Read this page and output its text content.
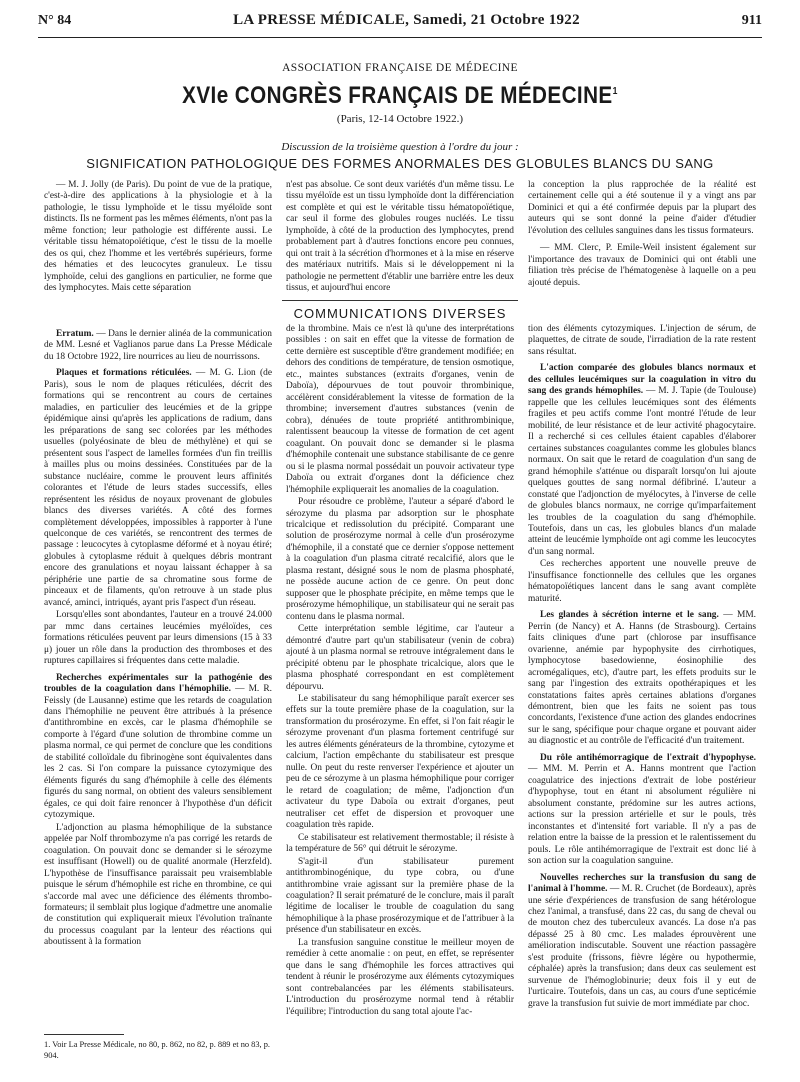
N° 84	LA PRESSE MÉDICALE, Samedi, 21 Octobre 1922	911
ASSOCIATION FRANÇAISE DE MÉDECINE
XVIe CONGRÈS FRANÇAIS DE MÉDECINE$^1$
(Paris, 12-14 Octobre 1922.)
Discussion de la troisième question à l'ordre du jour :
SIGNIFICATION PATHOLOGIQUE DES FORMES ANORMALES DES GLOBULES BLANCS DU SANG

— M. J. Jolly (de Paris). Du point de vue de la pratique, c'est-à-dire des applications à la physiologie et à la pathologie, le tissu lymphoïde et le tissu myéloïde sont distincts. Ils ne forment pas les mêmes éléments, n'ont pas la même fonction; leur pathologie est différente aussi. Le véritable tissu hématopoïétique, c'est le tissu de la moelle des os qui, chez l'homme et les vertébrés supérieurs, forme des hématies et des leucocytes granuleux. Le tissu lymphoïde, celui des ganglions en particulier, ne forme que des lymphocytes. Mais cette séparation

n'est pas absolue. Ce sont deux variétés d'un même tissu. Le tissu myéloïde est un tissu lymphoïde dont la différenciation est complète et qui est le véritable tissu hématopoïétique, car seul il forme des globules rouges nucléés. Le tissu lymphoïde, à côté de la production des lymphocytes, prend probablement part à d'autres fonctions encore peu connues, qui ont trait à la sécrétion d'hormones et à la mise en réserve des matériaux nutritifs. Mais si le développement ni la pathologie ne permettent d'établir une barrière entre les deux tissus, et aujourd'hui encore

la conception la plus rapprochée de la réalité est certainement celle qui a été soutenue il y a vingt ans par Dominici et qui a été confirmée depuis par la plupart des auteurs qui se sont donné la peine d'aider d'étudier l'évolution des cellules sanguines dans les tissus formateurs.

— MM. Clerc, P. Emile-Weil insistent également sur l'importance des travaux de Dominici qui ont établi une filiation très précise de l'hématogenèse à laquelle on a peu ajouté depuis.

COMMUNICATIONS DIVERSES

Erratum. — Dans le dernier alinéa de la communication de MM. Lesné et Vaglianos parue dans La Presse Médicale du 18 Octobre 1922, lire nourrices au lieu de nourrissons.

Plaques et formations réticulées. — M. G. Lion (de Paris), sous le nom de plaques réticulées, décrit des formations qui se rencontrent au cours de certaines maladies, en particulier des leucémies et de la grippe épidémique ainsi qu'après les applications de radium, dans les préparations de sang sec colorées par les méthodes usuelles (polyéosinate de bleu de méthylène) et qui se présentent sous l'aspect de lamelles formées d'un fin treillis à mailles plus ou moins dessinées. Constituées par de la substance nucléaire, comme le prouvent leurs affinités colorantes et l'étude de leurs stades successifs, elles représentent les résidus de noyaux provenant de globules blancs des diverses variétés. A côté des formes complètement développées, impossibles à rapporter à l'une quelconque de ces variétés, se rencontrent des termes de passage : leucocytes à cytoplasme déformé et à noyau étiré; globules à cytoplasme réduit à quelques débris montrant encore des granulations et noyau laissant échapper à sa périphérie une partie de sa chromatine sous forme de pinceaux et de filaments, qu'on retrouve à un stade plus avancé, aminci, intriqués, ayant pris l'aspect d'un réseau.

Lorsqu'elles sont abondantes, l'auteur en a trouvé 24.000 par mmc dans certaines leucémies myéloïdes, ces formations réticulées peuvent par leurs dimensions (15 à 33 μ) jouer un rôle dans la production des thromboses et des ruptures capillaires si fréquentes dans cette maladie.

Recherches expérimentales sur la pathogénie des troubles de la coagulation dans l'hémophilie. — M. R. Feissly (de Lausanne) estime que les retards de coagulation dans l'hémophilie ne peuvent être attribués à la présence d'antithrombine en excès, car le plasma d'hémophile se comporte à l'égard d'une solution de thrombine comme un plasma normal, ce qui permet de conclure que les conditions de stabilité colloïdale du fibrinogène sont équivalentes dans les 2 cas. Si l'on compare la puissance cytozymique des éléments figurés du sang d'hémophile à celle des éléments figurés du sang normal, on obtient des valeurs sensiblement égales, ce qui doit faire renoncer à l'hypothèse d'un déficit cytozymique.

L'adjonction au plasma hémophilique de la substance appelée par Nolf thrombozyme n'a pas corrigé les retards de coagulation. On pouvait donc se demander si le sérozyme est insuffisant (Howell) ou de qualité anormale (Herzfeld). L'hypothèse de l'insuffisance paraissait peu vraisemblable puisque le sérum d'hémophile est riche en thrombine, ce qui s'accorde mal avec une déficience des éléments thrombo-formateurs; il semblait plus logique d'admettre une anomalie de constitution qui expliquerait mieux l'évolution traînante du processus coagulant par la lenteur des réactions qui aboutissent à la formation

de la thrombine. Mais ce n'est là qu'une des interprétations possibles : on sait en effet que la vitesse de formation de cette dernière est susceptible d'être grandement modifiée; en dehors des conditions de température, de tension osmotique, etc., maintes substances (extraits d'organes, venin de Daboïa), dépourvues de tout pouvoir thrombinique, accélèrent considérablement la vitesse de formation de la thrombine; inversement d'autres substances (venin de cobra), dénuées de toute propriété antithrombinique, ralentissent beaucoup la vitesse de formation de cet agent coagulant. On pouvait donc se demander si le plasma d'hémophile contenait une substance stabilisante de ce genre ou si le plasma normal possédait un pouvoir activateur type Daboïa ou extrait d'organes dont la déficience chez l'hémophile expliquerait les anomalies de la coagulation.

Pour résoudre ce problème, l'auteur a séparé d'abord le sérozyme du plasma par adsorption sur le phosphate tricalcique et redissolution du précipité. Comparant une solution de prosérozyme normal à celle d'un prosérozyme d'hémophile, il a constaté que ce dernier s'oppose nettement à la coagulation d'un plasma citraté recalcifié, alors que le plasma restant, désigné sous le nom de plasma phosphaté, ne possède aucune action de ce genre. On peut donc supposer que le phosphate précipite, en même temps que le prosérozyme hémophilique, un stabilisateur qui ne serait pas contenu dans le plasma normal.

Cette interprétation semble légitime, car l'auteur a démontré d'autre part qu'un stabilisateur (venin de cobra) ajouté à un plasma normal se retrouve intégralement dans le précipité obtenu par le phosphate tricalcique, alors que le plasma phosphaté correspondant en est complètement dépourvu.

Le stabilisateur du sang hémophilique paraît exercer ses effets sur la toute première phase de la coagulation, sur la transformation du prosérozyme. En effet, si l'on fait réagir le sérozyme provenant d'un plasma fortement centrifugé sur les autres éléments générateurs de la thrombine, cytozyme et calcium, l'action empêchante du stabilisateur est presque nulle. On peut du reste renverser l'expérience et ajouter un peu de ce sérozyme à un plasma hémophilique pour corriger le retard de coagulation; de même, l'adjonction d'un activateur du type Daboïa ou extrait d'organes, peut neutraliser cet effet de dispersion et provoquer une coagulation très rapide.

Ce stabilisateur est relativement thermostable; il résiste à la température de 56° qui détruit le sérozyme.

S'agit-il d'un stabilisateur purement antithrombinogénique, du type cobra, ou d'une antithrombine vraie agissant sur la première phase de la coagulation? Il serait prématuré de le conclure, mais il paraît légitime de localiser le trouble de coagulation du sang hémophilique à la phase prosérozymique et de l'attribuer à la présence d'un stabilisateur en excès.

La transfusion sanguine constitue le meilleur moyen de remédier à cette anomalie : on peut, en effet, se représenter que dans le sang d'hémophile les forces attractives qui tendent à réunir le prosérozyme aux éléments cytozymiques sont contrebalancées par les éléments stabilisateurs. L'introduction du prosérozyme normal tend à rétablir l'équilibre; l'introduction du sang total ajoute l'ac-

tion des éléments cytozymiques. L'injection de sérum, de plaquettes, de citrate de soude, l'irradiation de la rate restent sans résultat.

L'action comparée des globules blancs normaux et des cellules leucémiques sur la coagulation in vitro du sang des grands hémophiles. — M. J. Tapie (de Toulouse) rappelle que les cellules leucémiques sont des éléments fragiles et peu actifs comme l'ont montré l'étude de leur mobilité, de leur résistance et de leur activité phagocytaire. Il a recherché si ces cellules étaient capables d'élaborer certaines substances coagulantes comme les globules blancs normaux. On sait que le retard de coagulation d'un sang de grand hémophile s'atténue ou disparaît lorsqu'on lui ajoute quelques gouttes de sang normal défibriné. L'auteur a constaté que l'adjonction de myélocytes, à l'inverse de celle de globules blancs normaux, ne corrige qu'imparfaitement les troubles de la coagulation du sang d'hémophile. Toutefois, dans un cas, les globules blancs d'un malade atteint de leucémie lymphoïde ont agi comme les leucocytes d'un sang normal.

Ces recherches apportent une nouvelle preuve de l'insuffisance fonctionnelle des cellules que les organes hématopoïétiques lancent dans le sang avant complète maturité.

Les glandes à sécrétion interne et le sang. — MM. Perrin (de Nancy) et A. Hanns (de Strasbourg). Certains faits cliniques d'une part (chlorose par insuffisance ovarienne, anémie par hypophysite des cirrhotiques, lymphocytose basedowienne, éosinophilie des acromégaliques, etc), d'autre part, les effets produits sur le sang par l'ingestion des extraits opothérapiques et les constatations faites après certaines ablations d'organes démontrent, bien que les faits ne soient pas tous concordants, l'existence d'une action des glandes endocrines sur le sang, spécifique pour chaque organe et pouvant aider au diagnostic et au contrôle de l'efficacité d'un traitement.

Du rôle antihémorragique de l'extrait d'hypophyse. — MM. M. Perrin et A. Hanns montrent que l'action coagulatrice des injections d'extrait de lobe postérieur d'hypophyse, tout en étant ni absolument régulière ni absolument constante, prédomine sur les autres actions, actions sur la pression artérielle et sur le pouls, très inconstantes et d'intensité fort variable. Il n'y a pas de relation entre la baisse de la pression et le ralentissement du pouls. Le rôle antihémorragique de l'extrait est donc lié à son action sur la coagulation sanguine.

Nouvelles recherches sur la transfusion du sang de l'animal à l'homme. — M. R. Cruchet (de Bordeaux), après une série d'expériences de transfusion de sang hétérologue chez l'animal, a transfusé, dans 22 cas, du sang de cheval ou de mouton chez des tuberculeux avancés. La dose n'a pas dépassé 25 à 80 cmc. Les malades éprouvèrent une amélioration indiscutable. Souvent une réaction passagère s'est produite (frissons, fièvre légère ou hypothermie, céphalée) après la transfusion; dans deux cas seulement est survenue de l'hémoglobinurie; deux fois il y eut de l'urticaire. Toutefois, dans un cas, au cours d'une septicémie grave la transfusion fut suivie de mort immédiate par choc.

1. Voir La Presse Médicale, no 80, p. 862, no 82, p. 889 et no 83, p. 904.
